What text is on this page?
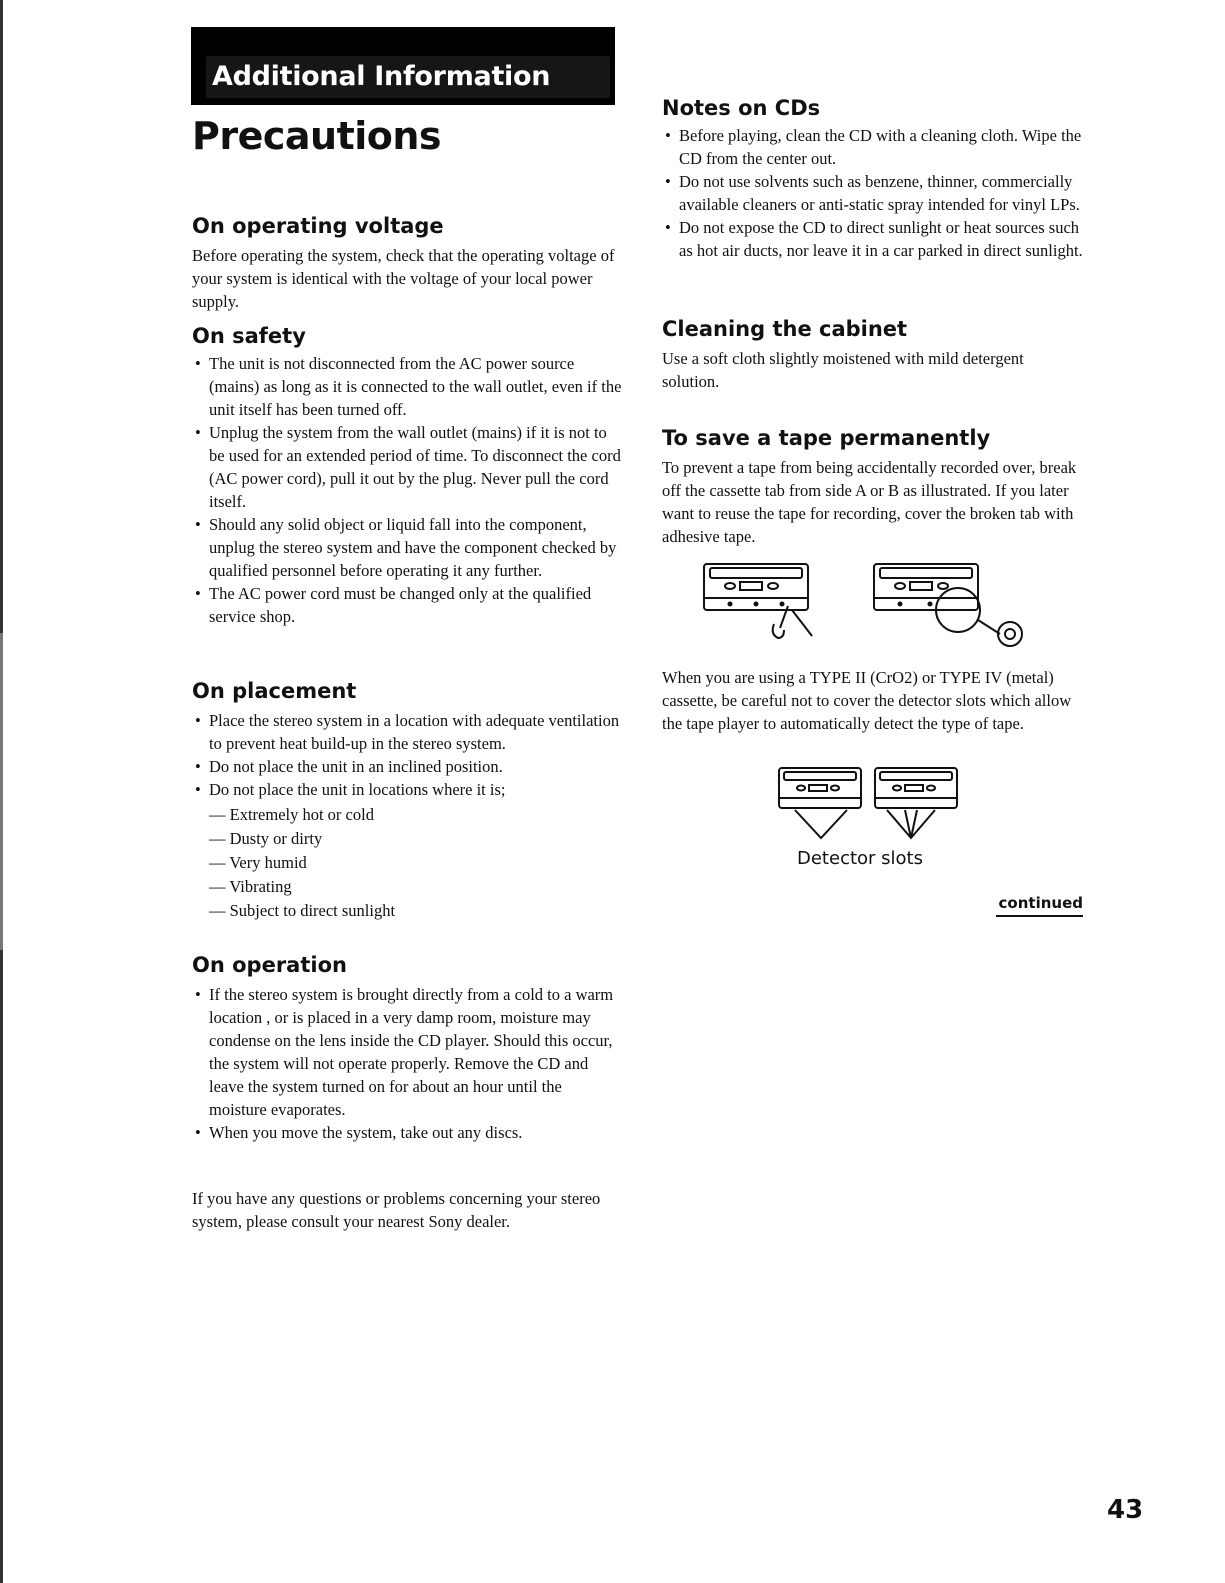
Additional Information
Precautions
On operating voltage

Before operating the system, check that the operating voltage of your system is identical with the voltage of your local power supply.

On safety
• The unit is not disconnected from the AC power source (mains) as long as it is connected to the wall outlet, even if the unit itself has been turned off.
• Unplug the system from the wall outlet (mains) if it is not to be used for an extended period of time. To disconnect the cord (AC power cord), pull it out by the plug. Never pull the cord itself.
• Should any solid object or liquid fall into the component, unplug the stereo system and have the component checked by qualified personnel before operating it any further.
• The AC power cord must be changed only at the qualified service shop.
On placement
• Place the stereo system in a location with adequate ventilation to prevent heat build-up in the stereo system.
• Do not place the unit in an inclined position.
• Do not place the unit in locations where it is;
— Extremely hot or cold
— Dusty or dirty
— Very humid
— Vibrating
— Subject to direct sunlight
On operation
• If the stereo system is brought directly from a cold to a warm location , or is placed in a very damp room, moisture may condense on the lens inside the CD player. Should this occur, the system will not operate properly. Remove the CD and leave the system turned on for about an hour until the moisture evaporates.
• When you move the system, take out any discs.

If you have any questions or problems concerning your stereo system, please consult your nearest Sony dealer.

Notes on CDs
• Before playing, clean the CD with a cleaning cloth. Wipe the CD from the center out.
• Do not use solvents such as benzene, thinner, commercially available cleaners or anti-static spray intended for vinyl LPs.
• Do not expose the CD to direct sunlight or heat sources such as hot air ducts, nor leave it in a car parked in direct sunlight.
Cleaning the cabinet

Use a soft cloth slightly moistened with mild detergent solution.

To save a tape permanently

To prevent a tape from being accidentally recorded over, break off the cassette tab from side A or B as illustrated. If you later want to reuse the tape for recording, cover the broken tab with adhesive tape.

When you are using a TYPE II (CrO2) or TYPE IV (metal) cassette, be careful not to cover the detector slots which allow the tape player to automatically detect the type of tape.

Detector slots
continued
43
